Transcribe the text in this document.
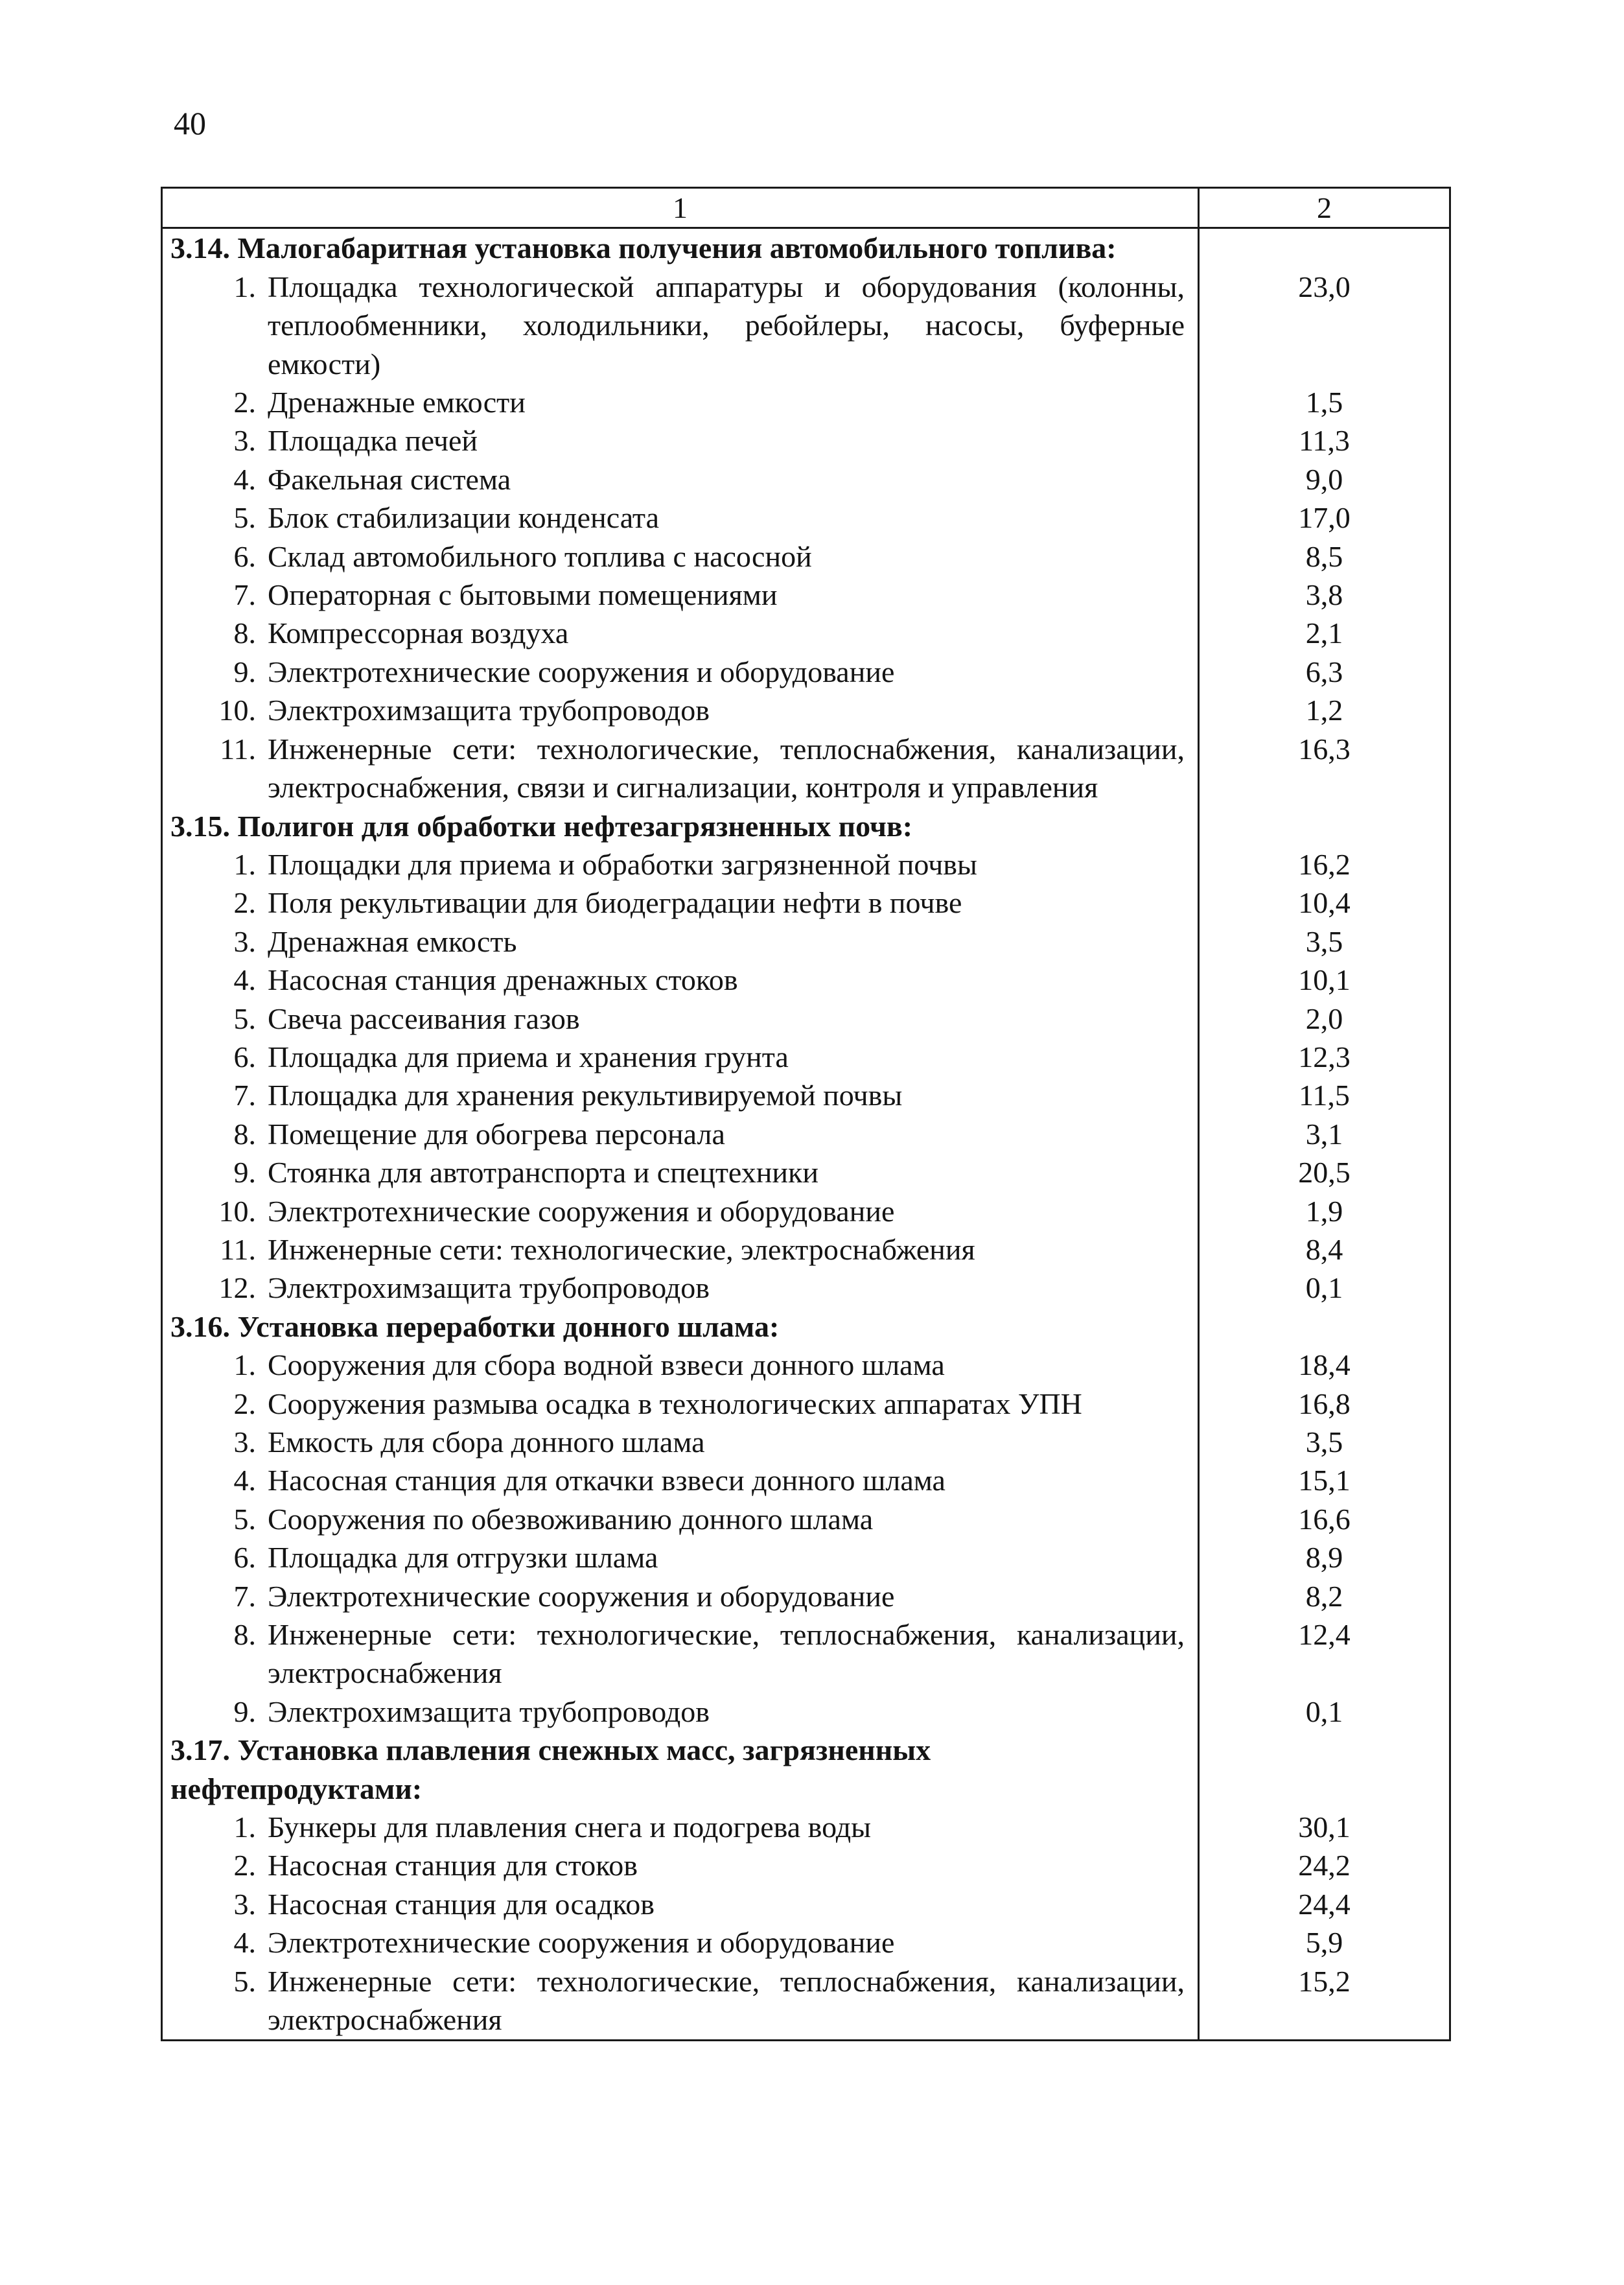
40
1	2
3.14. Малогабаритная установка получения автомобильного топлива:	

1. Площадка технологической аппаратуры и оборудования (колонны, теплообменники, холодильники, ребойлеры, насосы, буферные емкости)	23,0

2. Дренажные емкости	1,5

3. Площадка печей	11,3

4. Факельная система	9,0

5. Блок стабилизации конденсата	17,0

6. Склад автомобильного топлива с насосной	8,5

7. Операторная с бытовыми помещениями	3,8

8. Компрессорная воздуха	2,1

9. Электротехнические сооружения и оборудование	6,3

10. Электрохимзащита трубопроводов	1,2

11. Инженерные сети: технологические, теплоснабжения, канализации, электроснабжения, связи и сигнализации, контроля и управления	16,3
3.15. Полигон для обработки нефтезагрязненных почв:	

1. Площадки для приема и обработки загрязненной почвы	16,2

2. Поля рекультивации для биодеградации нефти в почве	10,4

3. Дренажная емкость	3,5

4. Насосная станция дренажных стоков	10,1

5. Свеча рассеивания газов	2,0

6. Площадка для приема и хранения грунта	12,3

7. Площадка для хранения рекультивируемой почвы	11,5

8. Помещение для обогрева персонала	3,1

9. Стоянка для автотранспорта и спецтехники	20,5

10. Электротехнические сооружения и оборудование	1,9

11. Инженерные сети: технологические, электроснабжения	8,4

12. Электрохимзащита трубопроводов	0,1
3.16. Установка переработки донного шлама:	

1. Сооружения для сбора водной взвеси донного шлама	18,4

2. Сооружения размыва осадка в технологических аппаратах УПН	16,8

3. Емкость для сбора донного шлама	3,5

4. Насосная станция для откачки взвеси донного шлама	15,1

5. Сооружения по обезвоживанию донного шлама	16,6

6. Площадка для отгрузки шлама	8,9

7. Электротехнические сооружения и оборудование	8,2

8. Инженерные сети: технологические, теплоснабжения, канализации, электроснабжения	12,4

9. Электрохимзащита трубопроводов	0,1
3.17. Установка плавления снежных масс, загрязненных нефтепродуктами:	

1. Бункеры для плавления снега и подогрева воды	30,1

2. Насосная станция для стоков	24,2

3. Насосная станция для осадков	24,4

4. Электротехнические сооружения и оборудование	5,9

5. Инженерные сети: технологические, теплоснабжения, канализации, электроснабжения	15,2
